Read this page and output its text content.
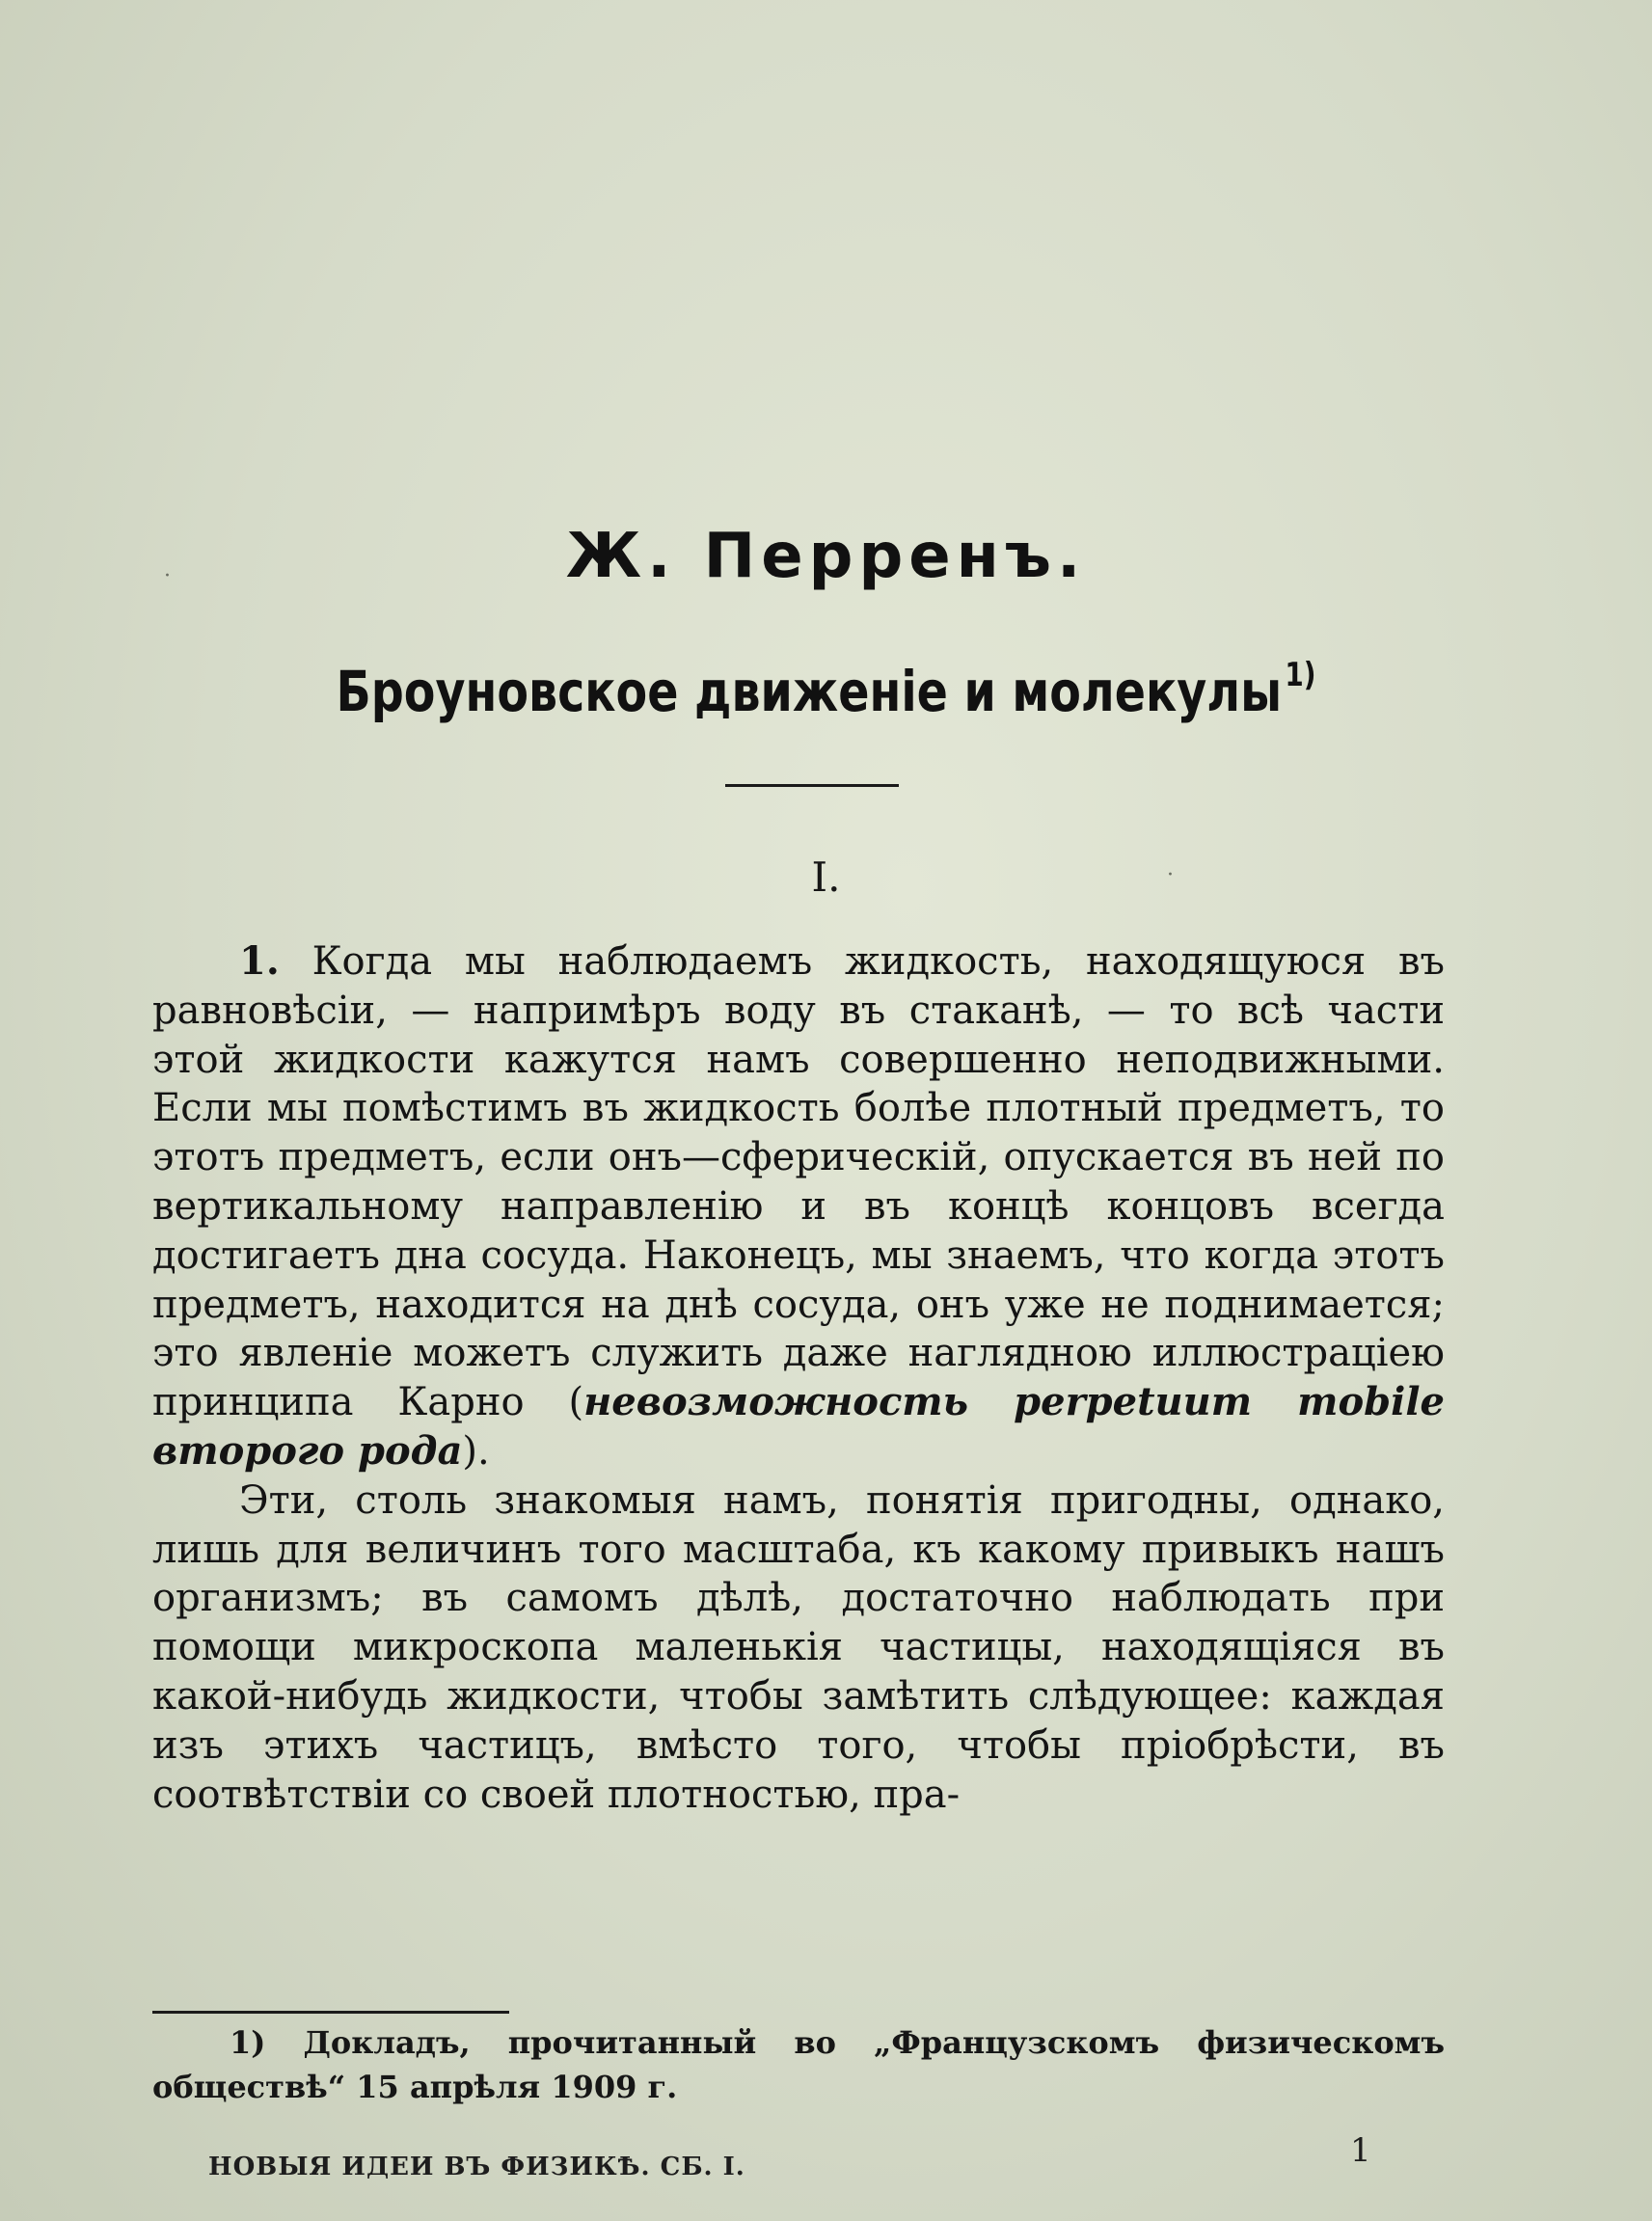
·
·
Ж. Перренъ.
Броуновское движеніе и молекулы$^{1)}$
I.

1. Когда мы наблюдаемъ жидкость, находящуюся въ равновѣсіи, — напримѣръ воду въ стаканѣ, — то всѣ части этой жидкости кажутся намъ совершенно неподвижными. Если мы помѣстимъ въ жидкость болѣе плотный предметъ, то этотъ предметъ, если онъ—сферическій, опускается въ ней по вертикальному направленію и въ концѣ концовъ всегда достигаетъ дна сосуда. Наконецъ, мы знаемъ, что когда этотъ предметъ, находится на днѣ сосуда, онъ уже не поднимается; это явленіе можетъ служить даже наглядною иллюстраціею принципа Карно (невозможность perpetuum mobile второго рода).

Эти, столь знакомыя намъ, понятія пригодны, однако, лишь для величинъ того масштаба, къ какому привыкъ нашъ организмъ; въ самомъ дѣлѣ, достаточно наблюдать при помощи микроскопа маленькія частицы, находящіяся въ какой-нибудь жидкости, чтобы замѣтить слѣдующее: каждая изъ этихъ частицъ, вмѣсто того, чтобы пріобрѣсти, въ соотвѣтствіи со своей плотностью, пра-

1) Докладъ, прочитанный во „Французскомъ физическомъ обществѣ“ 15 апрѣля 1909 г.
НОВЫЯ ИДЕИ ВЪ ФИЗИКѢ. СБ. I.	1
